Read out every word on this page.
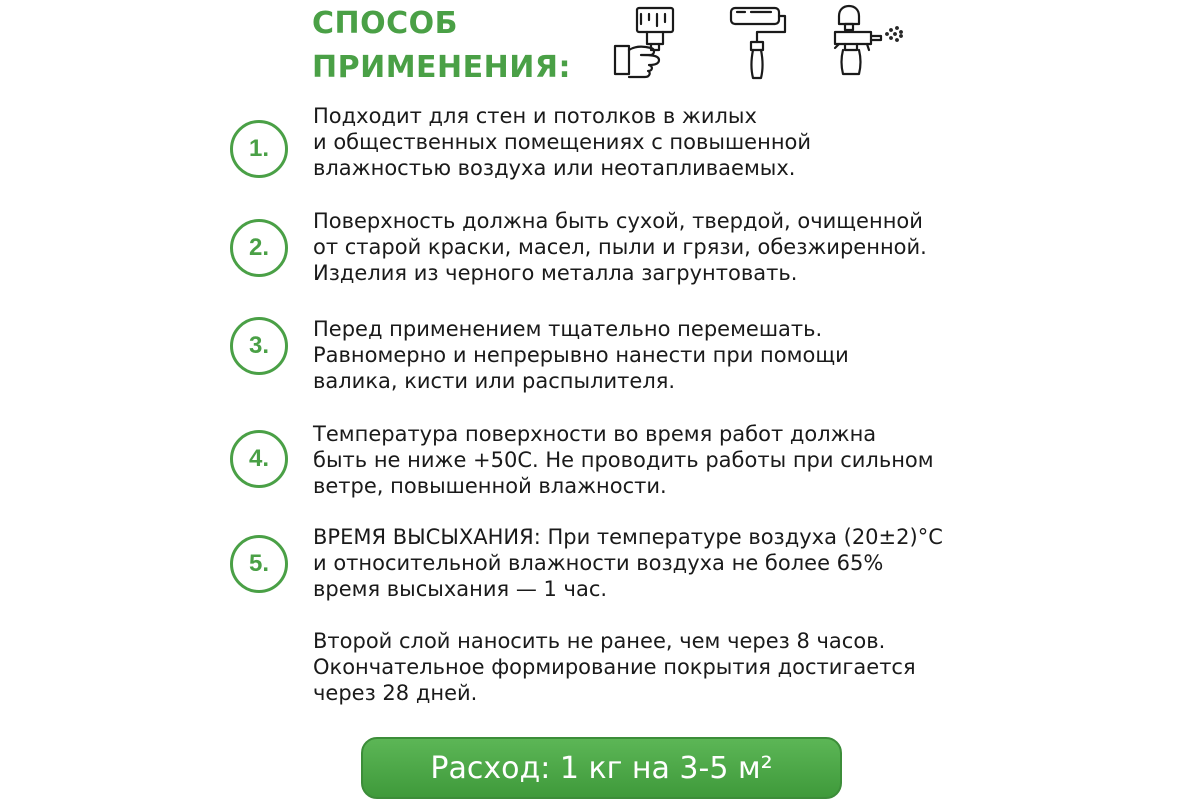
СПОСОБ
ПРИМЕНЕНИЯ:
1.
Подходит для стен и потолков в жилых
и общественных помещениях с повышенной
влажностью воздуха или неотапливаемых.
2.
Поверхность должна быть сухой, твердой, очищенной
от старой краски, масел, пыли и грязи, обезжиренной.
Изделия из черного металла загрунтовать.
3.
Перед применением тщательно перемешать.
Равномерно и непрерывно нанести при помощи
валика, кисти или распылителя.
4.
Температура поверхности во время работ должна
быть не ниже +50С. Не проводить работы при сильном
ветре, повышенной влажности.
5.
ВРЕМЯ ВЫСЫХАНИЯ: При температуре воздуха (20±2)°С
и относительной влажности воздуха не более 65%
время высыхания — 1 час.
Второй слой наносить не ранее, чем через 8 часов.
Окончательное формирование покрытия достигается
через 28 дней.
Расход: 1 кг на 3-5 м²
